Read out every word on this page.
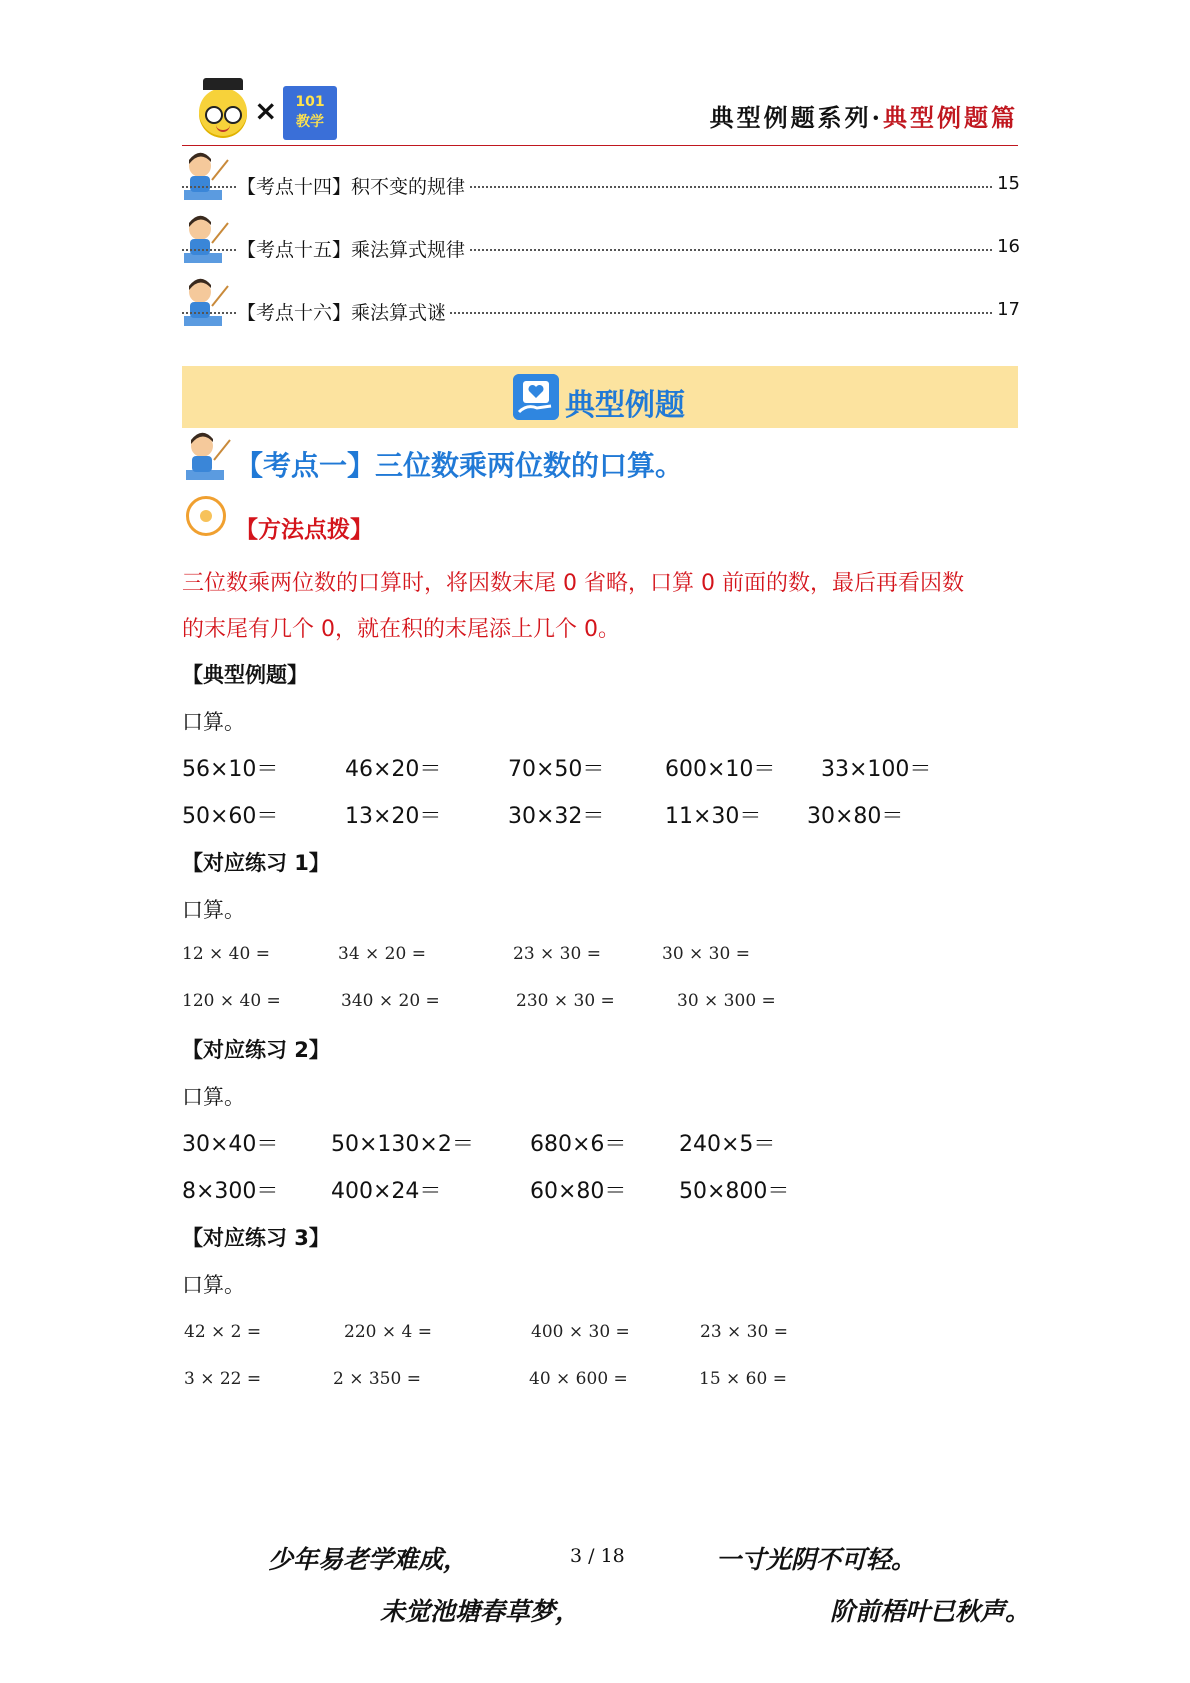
×	101
教学	典型例题系列·典型例题篇
【考点十四】积不变的规律	15
【考点十五】乘法算式规律	16
【考点十六】乘法算式谜	17
典型例题
【考点一】三位数乘两位数的口算。
【方法点拨】
三位数乘两位数的口算时，将因数末尾 0 省略，口算 0 前面的数，最后再看因数
的末尾有几个 0，就在积的末尾添上几个 0。
【典型例题】
口算。
56×10＝	46×20＝	70×50＝	600×10＝ 33×100＝
50×60＝	13×20＝	30×32＝	11×30＝ 30×80＝
【对应练习 1】
口算。
12 × 40 =	34 × 20 =	23 × 30 =	30 × 30 =
120 × 40 =	340 × 20 =	230 × 30 =	30 × 300 =
【对应练习 2】
口算。
30×40＝ 50×130×2＝	680×6＝ 240×5＝
8×300＝ 400×24＝	60×80＝ 50×800＝
【对应练习 3】
口算。
42 × 2 =	220 × 4 =	400 × 30 =	23 × 30 =
3 × 22 =	2 × 350 =	40 × 600 =	15 × 60 =
少年易老学难成，	3 / 18	一寸光阴不可轻。
未觉池塘春草梦，	阶前梧叶已秋声。
